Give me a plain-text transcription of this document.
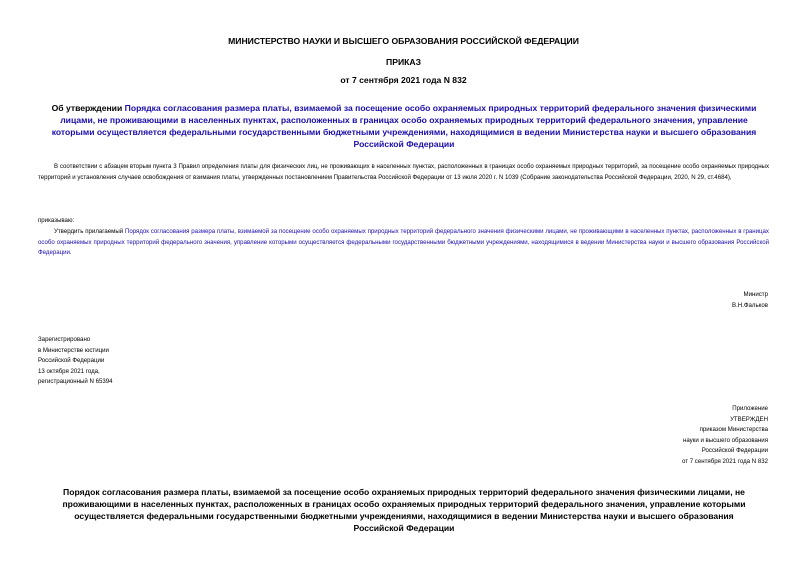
МИНИСТЕРСТВО НАУКИ И ВЫСШЕГО ОБРАЗОВАНИЯ РОССИЙСКОЙ ФЕДЕРАЦИИ
ПРИКАЗ
от 7 сентября 2021 года N 832
Об утверждении Порядка согласования размера платы, взимаемой за посещение особо охраняемых природных территорий федерального значения физическими лицами, не проживающими в населенных пунктах, расположенных в границах особо охраняемых природных территорий федерального значения, управление которыми осуществляется федеральными государственными бюджетными учреждениями, находящимися в ведении Министерства науки и высшего образования Российской Федерации
В соответствии с абзацем вторым пункта 3 Правил определения платы для физических лиц, не проживающих в населенных пунктах, расположенных в границах особо охраняемых природных территорий, за посещение особо охраняемых природных территорий и установления случаев освобождения от взимания платы, утвержденных постановлением Правительства Российской Федерации от 13 июля 2020 г. N 1039 (Собрание законодательства Российской Федерации, 2020, N 29, ст.4684),
приказываю:
Утвердить прилагаемый Порядок согласования размера платы, взимаемой за посещение особо охраняемых природных территорий федерального значения физическими лицами, не проживающими в населенных пунктах, расположенных в границах особо охраняемых природных территорий федерального значения, управление которыми осуществляется федеральными государственными бюджетными учреждениями, находящимися в ведении Министерства науки и высшего образования Российской Федерации.
Министр
В.Н.Фальков
Зарегистрировано
в Министерстве юстиции
Российской Федерации
13 октября 2021 года,
регистрационный N 65394
Приложение
УТВЕРЖДЕН
приказом Министерства
науки и высшего образования
Российской Федерации
от 7 сентября 2021 года N 832
Порядок согласования размера платы, взимаемой за посещение особо охраняемых природных территорий федерального значения физическими лицами, не проживающими в населенных пунктах, расположенных в границах особо охраняемых природных территорий федерального значения, управление которыми осуществляется федеральными государственными бюджетными учреждениями, находящимися в ведении Министерства науки и высшего образования Российской Федерации
